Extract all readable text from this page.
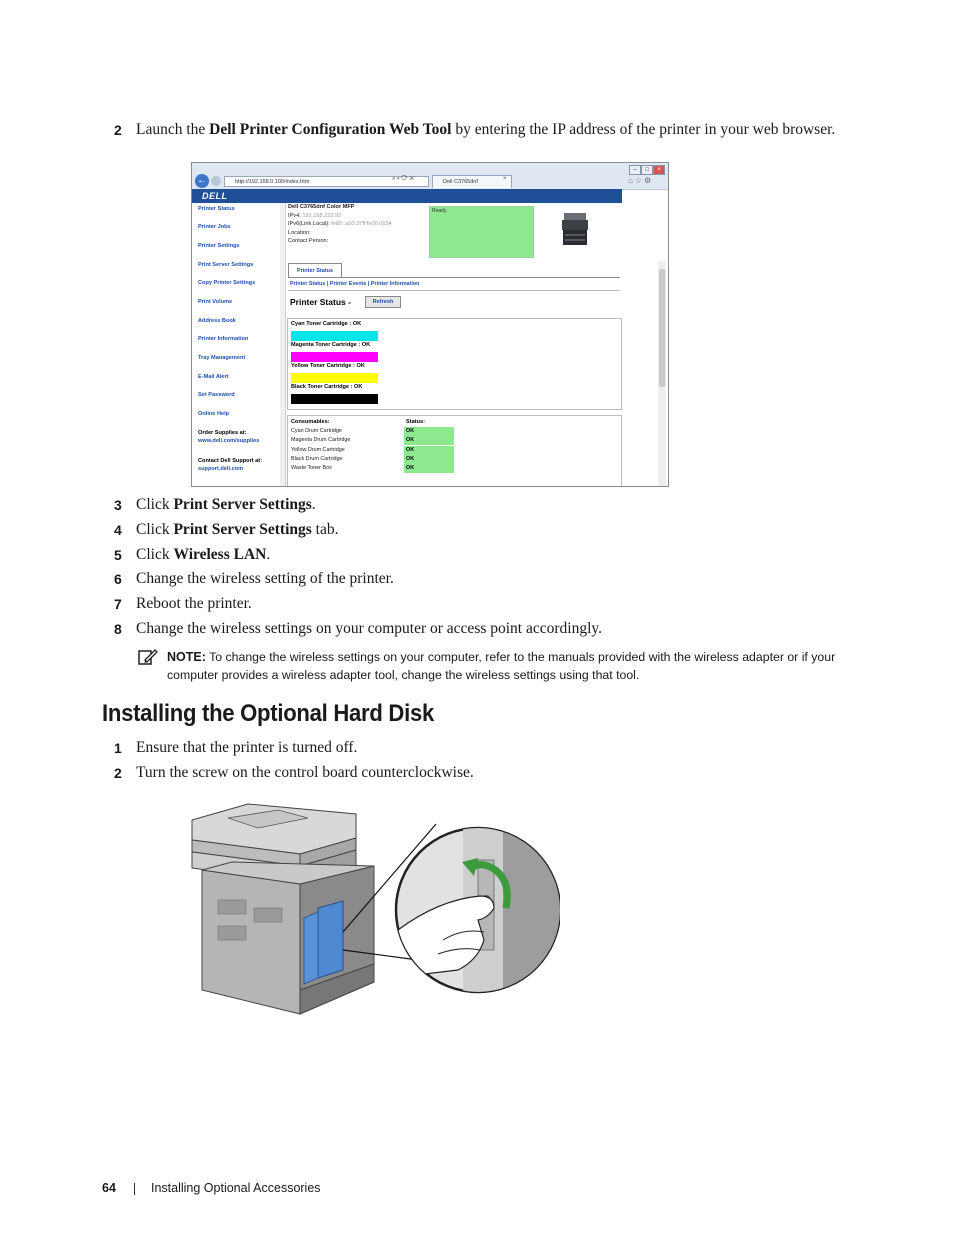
2 Launch the Dell Printer Configuration Web Tool by entering the IP address of the printer in your web browser.
–	□	×
←	http://192.168.0.100/index.htm	⌕ ▾ ⟳ ✕	Dell C3765dnf	×	⌂☆⚙
DELL
Printer Status
Printer Jobs
Printer Settings
Print Server Settings
Copy Printer Settings
Print Volume
Address Book
Printer Information
Tray Management
E-Mail Alert
Set Password
Online Help
Order Supplies at:
www.dell.com/supplies
Contact Dell Support at:
support.dell.com
Dell C3765dnf Color MFP
IPv4: 192.168.222.92
IPv6(Link Local): fe80::a00:37ff:fe00:0034
Location:
Contact Person:
Ready
Printer Status
Printer Status | Printer Events | Printer Information
Printer Status -	Refresh
Cyan Toner Cartridge : OK
Magenta Toner Cartridge : OK
Yellow Toner Cartridge : OK
Black Toner Cartridge : OK
Consumables:	Status:
Cyan Drum Cartridge	OK
Magenta Drum Cartridge	OK
Yellow Drum Cartridge	OK
Black Drum Cartridge	OK
Waste Toner Box	OK
3 Click Print Server Settings.
4 Click Print Server Settings tab.
5 Click Wireless LAN.
6 Change the wireless setting of the printer.
7 Reboot the printer.
8 Change the wireless settings on your computer or access point accordingly.
NOTE: To change the wireless settings on your computer, refer to the manuals provided with the wireless adapter or if your computer provides a wireless adapter tool, change the wireless settings using that tool.
Installing the Optional Hard Disk
1 Ensure that the printer is turned off.
2 Turn the screw on the control board counterclockwise.
64	Installing Optional Accessories
